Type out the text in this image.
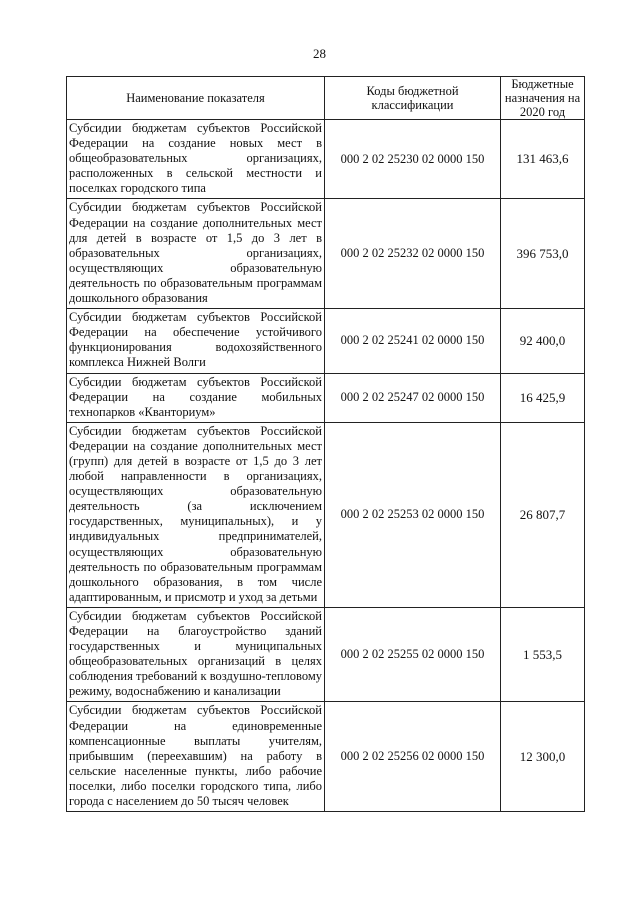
28
Наименование показателя	Коды бюджетной классификации	Бюджетные назначения на 2020 год
Субсидии бюджетам субъектов Российской Федерации на создание новых мест в общеобразовательных организациях, расположенных в сельской местности и поселках городского типа	000 2 02 25230 02 0000 150	131 463,6
Субсидии бюджетам субъектов Российской Федерации на создание дополнительных мест для детей в возрасте от 1,5 до 3 лет в образовательных организациях, осуществляющих образовательную деятельность по образовательным программам дошкольного образования	000 2 02 25232 02 0000 150	396 753,0
Субсидии бюджетам субъектов Российской Федерации на обеспечение устойчивого функционирования водохозяйственного комплекса Нижней Волги	000 2 02 25241 02 0000 150	92 400,0
Субсидии бюджетам субъектов Российской Федерации на создание мобильных технопарков «Кванториум»	000 2 02 25247 02 0000 150	16 425,9
Субсидии бюджетам субъектов Российской Федерации на создание дополнительных мест (групп) для детей в возрасте от 1,5 до 3 лет любой направленности в организациях, осуществляющих образовательную деятельность (за исключением государственных, муниципальных), и у индивидуальных предпринимателей, осуществляющих образовательную деятельность по образовательным программам дошкольного образования, в том числе адаптированным, и присмотр и уход за детьми	000 2 02 25253 02 0000 150	26 807,7
Субсидии бюджетам субъектов Российской Федерации на благоустройство зданий государственных и муниципальных общеобразовательных организаций в целях соблюдения требований к воздушно-тепловому режиму, водоснабжению и канализации	000 2 02 25255 02 0000 150	1 553,5
Субсидии бюджетам субъектов Российской Федерации на единовременные компенсационные выплаты учителям, прибывшим (переехавшим) на работу в сельские населенные пункты, либо рабочие поселки, либо поселки городского типа, либо города с населением до 50 тысяч человек	000 2 02 25256 02 0000 150	12 300,0
